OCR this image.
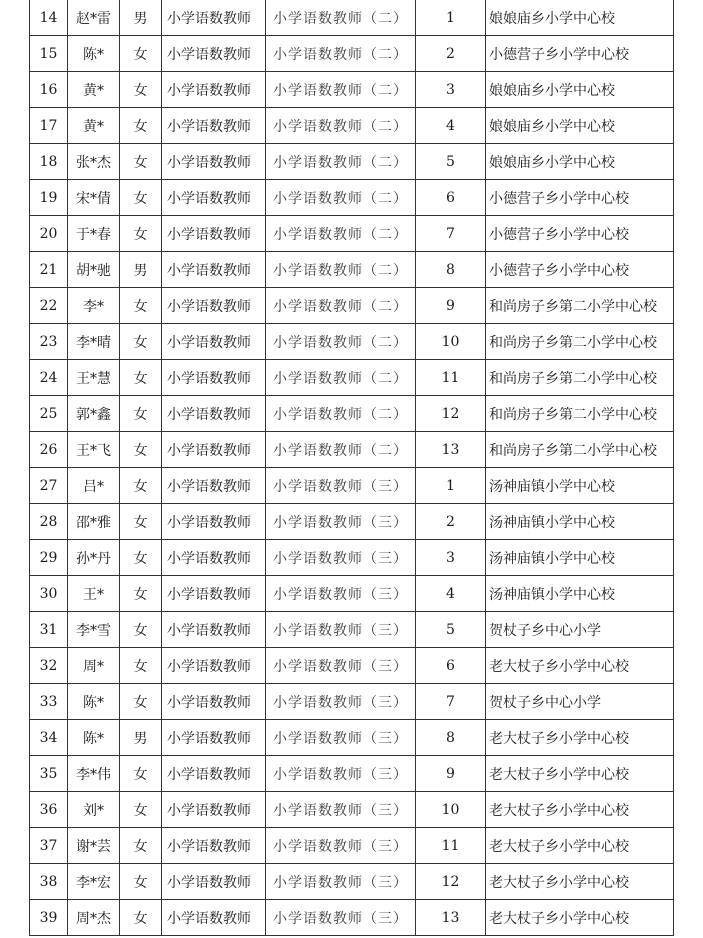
14	赵*雷	男	小学语数教师	小学语数教师（二）	1	娘娘庙乡小学中心校
15	陈*	女	小学语数教师	小学语数教师（二）	2	小德营子乡小学中心校
16	黄*	女	小学语数教师	小学语数教师（二）	3	娘娘庙乡小学中心校
17	黄*	女	小学语数教师	小学语数教师（二）	4	娘娘庙乡小学中心校
18	张*杰	女	小学语数教师	小学语数教师（二）	5	娘娘庙乡小学中心校
19	宋*倩	女	小学语数教师	小学语数教师（二）	6	小德营子乡小学中心校
20	于*春	女	小学语数教师	小学语数教师（二）	7	小德营子乡小学中心校
21	胡*驰	男	小学语数教师	小学语数教师（二）	8	小德营子乡小学中心校
22	李*	女	小学语数教师	小学语数教师（二）	9	和尚房子乡第二小学中心校
23	李*晴	女	小学语数教师	小学语数教师（二）	10	和尚房子乡第二小学中心校
24	王*慧	女	小学语数教师	小学语数教师（二）	11	和尚房子乡第二小学中心校
25	郭*鑫	女	小学语数教师	小学语数教师（二）	12	和尚房子乡第二小学中心校
26	王*飞	女	小学语数教师	小学语数教师（二）	13	和尚房子乡第二小学中心校
27	吕*	女	小学语数教师	小学语数教师（三）	1	汤神庙镇小学中心校
28	邵*雅	女	小学语数教师	小学语数教师（三）	2	汤神庙镇小学中心校
29	孙*丹	女	小学语数教师	小学语数教师（三）	3	汤神庙镇小学中心校
30	王*	女	小学语数教师	小学语数教师（三）	4	汤神庙镇小学中心校
31	李*雪	女	小学语数教师	小学语数教师（三）	5	贺杖子乡中心小学
32	周*	女	小学语数教师	小学语数教师（三）	6	老大杖子乡小学中心校
33	陈*	女	小学语数教师	小学语数教师（三）	7	贺杖子乡中心小学
34	陈*	男	小学语数教师	小学语数教师（三）	8	老大杖子乡小学中心校
35	李*伟	女	小学语数教师	小学语数教师（三）	9	老大杖子乡小学中心校
36	刘*	女	小学语数教师	小学语数教师（三）	10	老大杖子乡小学中心校
37	谢*芸	女	小学语数教师	小学语数教师（三）	11	老大杖子乡小学中心校
38	李*宏	女	小学语数教师	小学语数教师（三）	12	老大杖子乡小学中心校
39	周*杰	女	小学语数教师	小学语数教师（三）	13	老大杖子乡小学中心校
